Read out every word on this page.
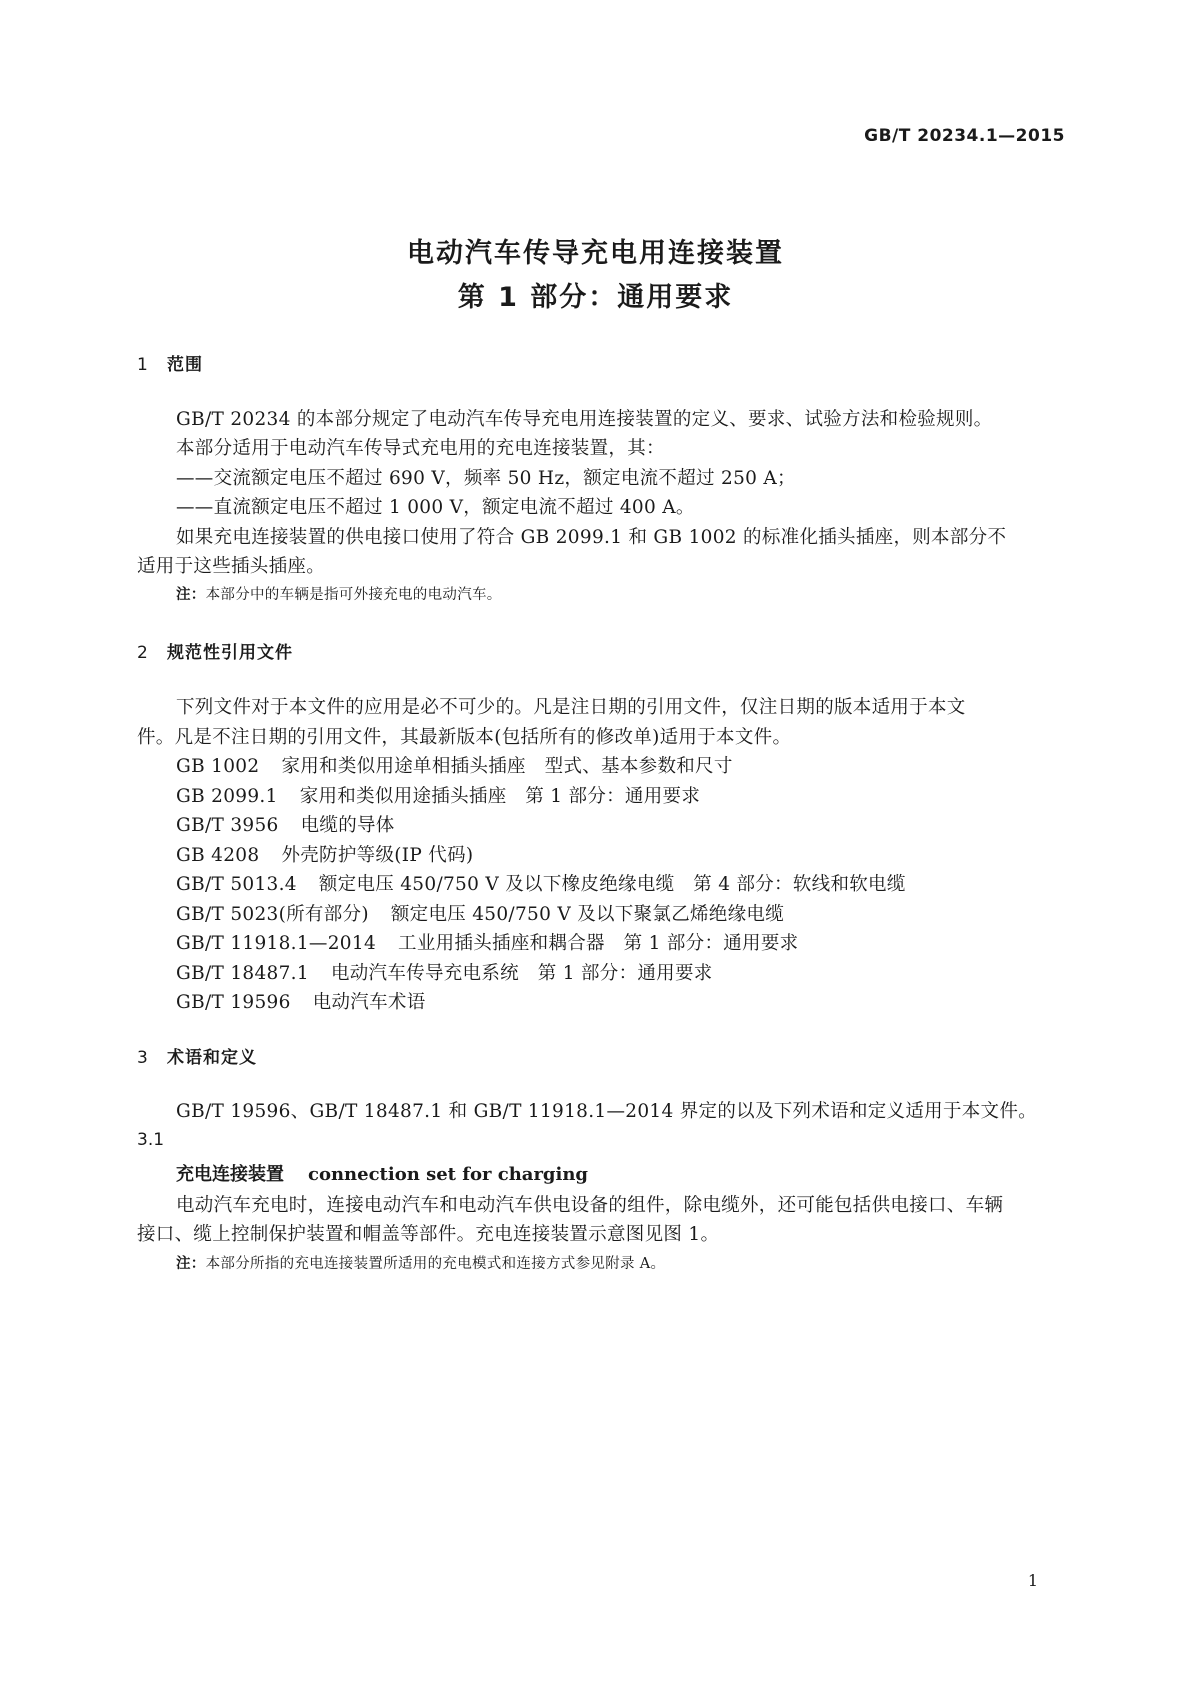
GB/T 20234.1—2015
电动汽车传导充电用连接装置
第 1 部分：通用要求
1 范围
GB/T 20234 的本部分规定了电动汽车传导充电用连接装置的定义、要求、试验方法和检验规则。
本部分适用于电动汽车传导式充电用的充电连接装置，其：
——交流额定电压不超过 690 V，频率 50 Hz，额定电流不超过 250 A；
——直流额定电压不超过 1 000 V，额定电流不超过 400 A。
如果充电连接装置的供电接口使用了符合 GB 2099.1 和 GB 1002 的标准化插头插座，则本部分不
适用于这些插头插座。
注：本部分中的车辆是指可外接充电的电动汽车。
2 规范性引用文件
下列文件对于本文件的应用是必不可少的。凡是注日期的引用文件，仅注日期的版本适用于本文
件。凡是不注日期的引用文件，其最新版本(包括所有的修改单)适用于本文件。
GB 1002 家用和类似用途单相插头插座　型式、基本参数和尺寸
GB 2099.1 家用和类似用途插头插座　第 1 部分：通用要求
GB/T 3956 电缆的导体
GB 4208 外壳防护等级(IP 代码)
GB/T 5013.4 额定电压 450/750 V 及以下橡皮绝缘电缆　第 4 部分：软线和软电缆
GB/T 5023(所有部分) 额定电压 450/750 V 及以下聚氯乙烯绝缘电缆
GB/T 11918.1—2014 工业用插头插座和耦合器　第 1 部分：通用要求
GB/T 18487.1 电动汽车传导充电系统　第 1 部分：通用要求
GB/T 19596 电动汽车术语
3 术语和定义
GB/T 19596、GB/T 18487.1 和 GB/T 11918.1—2014 界定的以及下列术语和定义适用于本文件。
3.1
充电连接装置 connection set for charging
电动汽车充电时，连接电动汽车和电动汽车供电设备的组件，除电缆外，还可能包括供电接口、车辆
接口、缆上控制保护装置和帽盖等部件。充电连接装置示意图见图 1。
注：本部分所指的充电连接装置所适用的充电模式和连接方式参见附录 A。
1
